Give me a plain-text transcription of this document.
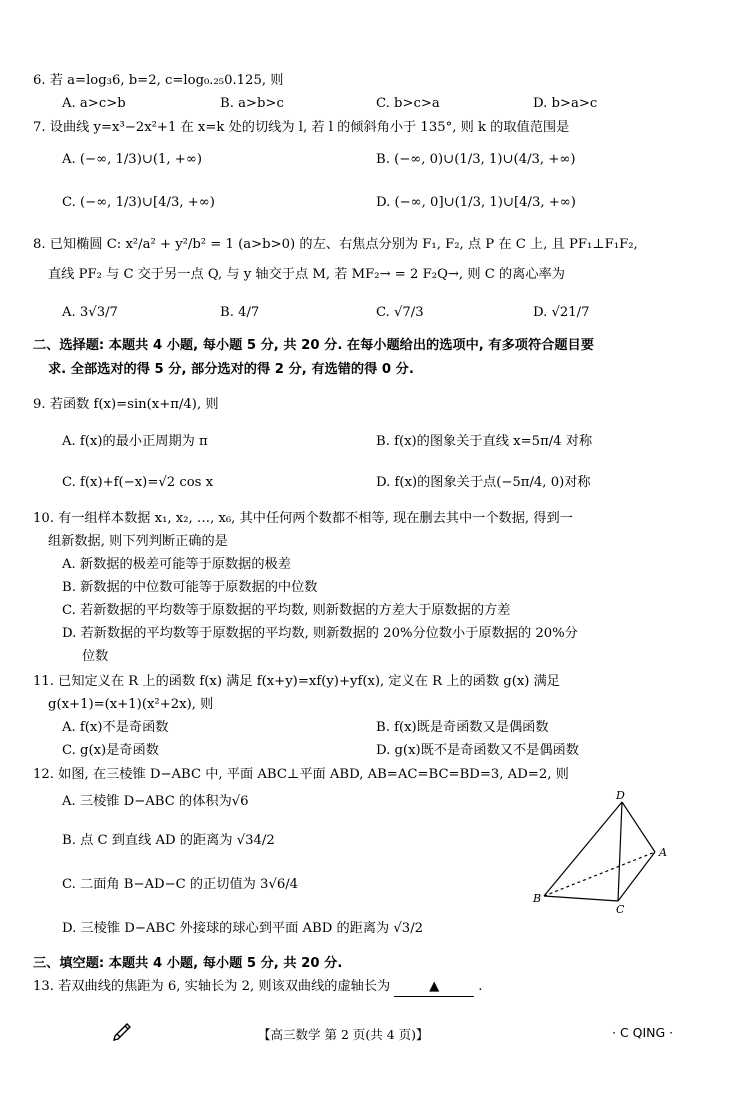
6. 若 a=log₃6, b=2, c=log₀.₂₅0.125, 则
A. a>c>b	B. a>b>c	C. b>c>a	D. b>a>c
7. 设曲线 y=x³−2x²+1 在 x=k 处的切线为 l, 若 l 的倾斜角小于 135°, 则 k 的取值范围是
A. (−∞, 1/3)∪(1, +∞)	B. (−∞, 0)∪(1/3, 1)∪(4/3, +∞)
C. (−∞, 1/3)∪[4/3, +∞)	D. (−∞, 0]∪(1/3, 1)∪[4/3, +∞)
8. 已知椭圆 C: x²/a² + y²/b² = 1 (a>b>0) 的左、右焦点分别为 F₁, F₂, 点 P 在 C 上, 且 PF₁⊥F₁F₂,
直线 PF₂ 与 C 交于另一点 Q, 与 y 轴交于点 M, 若 MF₂→ = 2 F₂Q→, 则 C 的离心率为
A. 3√3/7	B. 4/7	C. √7/3	D. √21/7
二、选择题: 本题共 4 小题, 每小题 5 分, 共 20 分. 在每小题给出的选项中, 有多项符合题目要
求. 全部选对的得 5 分, 部分选对的得 2 分, 有选错的得 0 分.
9. 若函数 f(x)=sin(x+π/4), 则
A. f(x)的最小正周期为 π	B. f(x)的图象关于直线 x=5π/4 对称
C. f(x)+f(−x)=√2 cos x	D. f(x)的图象关于点(−5π/4, 0)对称
10. 有一组样本数据 x₁, x₂, …, x₆, 其中任何两个数都不相等, 现在删去其中一个数据, 得到一
组新数据, 则下列判断正确的是
A. 新数据的极差可能等于原数据的极差
B. 新数据的中位数可能等于原数据的中位数
C. 若新数据的平均数等于原数据的平均数, 则新数据的方差大于原数据的方差
D. 若新数据的平均数等于原数据的平均数, 则新数据的 20%分位数小于原数据的 20%分
位数
11. 已知定义在 R 上的函数 f(x) 满足 f(x+y)=xf(y)+yf(x), 定义在 R 上的函数 g(x) 满足
g(x+1)=(x+1)(x²+2x), 则
A. f(x)不是奇函数	B. f(x)既是奇函数又是偶函数
C. g(x)是奇函数	D. g(x)既不是奇函数又不是偶函数
12. 如图, 在三棱锥 D−ABC 中, 平面 ABC⊥平面 ABD, AB=AC=BC=BD=3, AD=2, 则
A. 三棱锥 D−ABC 的体积为√6
B. 点 C 到直线 AD 的距离为 √34/2
C. 二面角 B−AD−C 的正切值为 3√6/4
D. 三棱锥 D−ABC 外接球的球心到平面 ABD 的距离为 √3/2
D
A
B
C
三、填空题: 本题共 4 小题, 每小题 5 分, 共 20 分.
13. 若双曲线的焦距为 6, 实轴长为 2, 则该双曲线的虚轴长为	▲	.
【高三数学 第 2 页(共 4 页)】	· C QING ·
